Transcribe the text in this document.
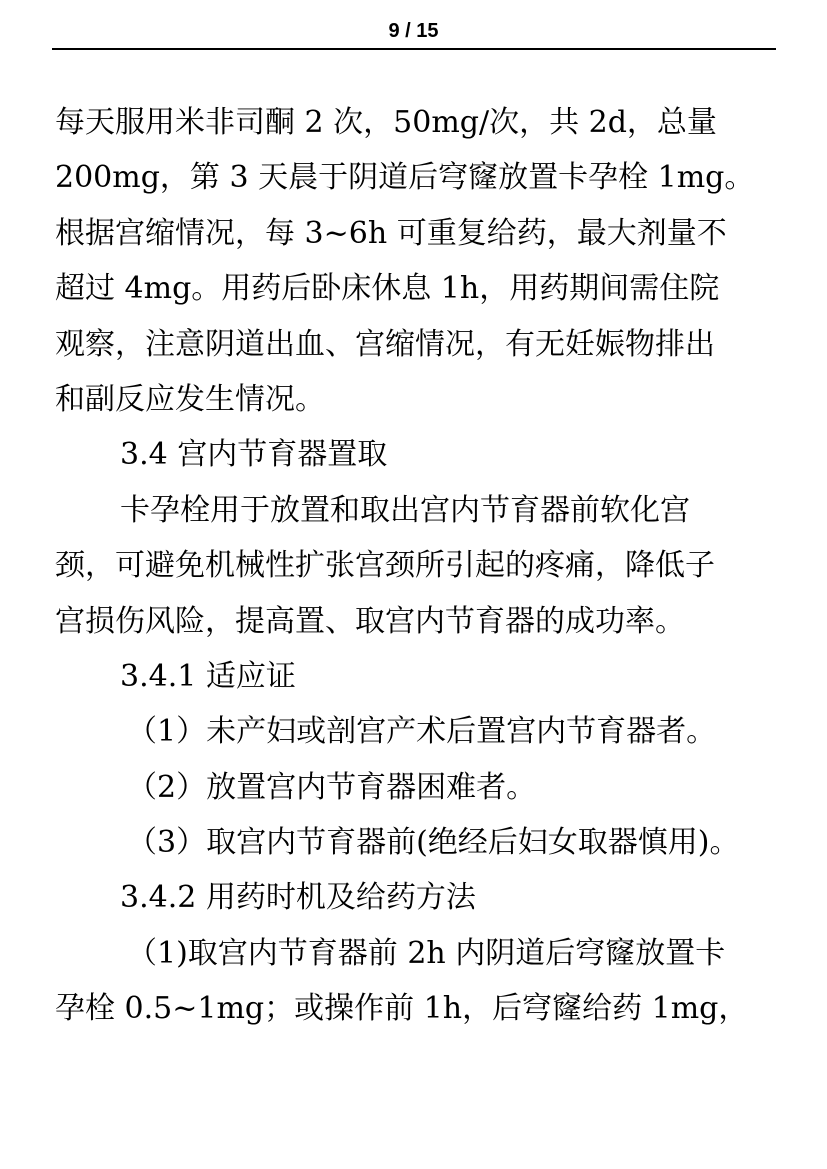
9 / 15
每天服用米非司酮 2 次，50mg/次，共 2d，总量
200mg，第 3 天晨于阴道后穹窿放置卡孕栓 1mg。
根据宫缩情况，每 3~6h 可重复给药，最大剂量不
超过 4mg。用药后卧床休息 1h，用药期间需住院
观察，注意阴道出血、宫缩情况，有无妊娠物排出
和副反应发生情况。
3.4 宫内节育器置取
卡孕栓用于放置和取出宫内节育器前软化宫
颈，可避免机械性扩张宫颈所引起的疼痛，降低子
宫损伤风险，提高置、取宫内节育器的成功率。
3.4.1 适应证
（1）未产妇或剖宫产术后置宫内节育器者。
（2）放置宫内节育器困难者。
（3）取宫内节育器前(绝经后妇女取器慎用)。
3.4.2 用药时机及给药方法
（1)取宫内节育器前 2h 内阴道后穹窿放置卡
孕栓 0.5~1mg；或操作前 1h，后穹窿给药 1mg，
